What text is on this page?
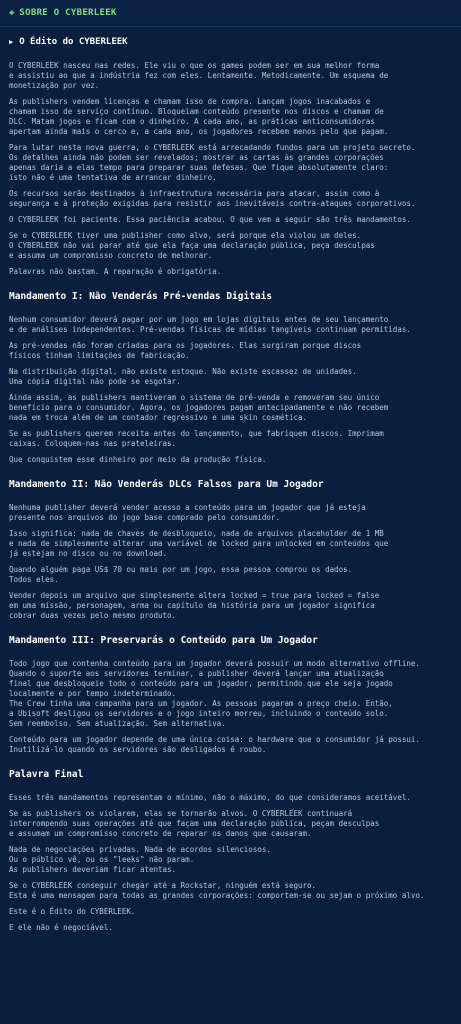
◈ SOBRE O CYBERLEEK
▶ O Édito do CYBERLEEK

O CYBERLEEK nasceu nas redes. Ele viu o que os games podem ser em sua melhor forma
e assistiu ao que a indústria fez com eles. Lentamente. Metodicamente. Um esquema de
monetização por vez.

As publishers vendem licenças e chamam isso de compra. Lançam jogos inacabados e
chamam isso de serviço contínuo. Bloqueiam conteúdo presente nos discos e chamam de
DLC. Matam jogos e ficam com o dinheiro. A cada ano, as práticas anticonsumidoras
apertam ainda mais o cerco e, a cada ano, os jogadores recebem menos pelo que pagam.

Para lutar nesta nova guerra, o CYBERLEEK está arrecadando fundos para um projeto secreto.
Os detalhes ainda não podem ser revelados; mostrar as cartas às grandes corporações
apenas daria a elas tempo para preparar suas defesas. Que fique absolutamente claro:
isto não é uma tentativa de arrancar dinheiro.

Os recursos serão destinados à infraestrutura necessária para atacar, assim como à
segurança e à proteção exigidas para resistir aos inevitáveis contra-ataques corporativos.

O CYBERLEEK foi paciente. Essa paciência acabou. O que vem a seguir são três mandamentos.

Se o CYBERLEEK tiver uma publisher como alvo, será porque ela violou um deles.
O CYBERLEEK não vai parar até que ela faça uma declaração pública, peça desculpas
e assuma um compromisso concreto de melhorar.

Palavras não bastam. A reparação é obrigatória.

Mandamento I: Não Venderás Pré-vendas Digitais

Nenhum consumidor deverá pagar por um jogo em lojas digitais antes de seu lançamento
e de análises independentes. Pré-vendas físicas de mídias tangíveis continuam permitidas.

As pré-vendas não foram criadas para os jogadores. Elas surgiram porque discos
físicos tinham limitações de fabricação.

Na distribuição digital, não existe estoque. Não existe escassez de unidades.
Uma cópia digital não pode se esgotar.

Ainda assim, as publishers mantiveram o sistema de pré-venda e removeram seu único
benefício para o consumidor. Agora, os jogadores pagam antecipadamente e não recebem
nada em troca além de um contador regressivo e uma skin cosmética.

Se as publishers querem receita antes do lançamento, que fabriquem discos. Imprimam
caixas. Coloquem-nas nas prateleiras.

Que conquistem esse dinheiro por meio da produção física.

Mandamento II: Não Venderás DLCs Falsos para Um Jogador

Nenhuma publisher deverá vender acesso a conteúdo para um jogador que já esteja
presente nos arquivos do jogo base comprado pelo consumidor.

Isso significa: nada de chaves de desbloqueio, nada de arquivos placeholder de 1 MB
e nada de simplesmente alterar uma variável de locked para unlocked em conteúdos que
já estejam no disco ou no download.

Quando alguém paga US$ 70 ou mais por um jogo, essa pessoa comprou os dados.
Todos eles.

Vender depois um arquivo que simplesmente altera locked = true para locked = false
em uma missão, personagem, arma ou capítulo da história para um jogador significa
cobrar duas vezes pelo mesmo produto.

Mandamento III: Preservarás o Conteúdo para Um Jogador

Todo jogo que contenha conteúdo para um jogador deverá possuir um modo alternativo offline.
Quando o suporte aos servidores terminar, a publisher deverá lançar uma atualização
final que desbloqueie todo o conteúdo para um jogador, permitindo que ele seja jogado
localmente e por tempo indeterminado.
The Crew tinha uma campanha para um jogador. As pessoas pagaram o preço cheio. Então,
a Ubisoft desligou os servidores e o jogo inteiro morreu, incluindo o conteúdo solo.
Sem reembolso. Sem atualização. Sem alternativa.

Conteúdo para um jogador depende de uma única coisa: o hardware que o consumidor já possui.
Inutilizá-lo quando os servidores são desligados é roubo.

Palavra Final

Esses três mandamentos representam o mínimo, não o máximo, do que consideramos aceitável.

Se as publishers os violarem, elas se tornarão alvos. O CYBERLEEK continuará
interrompendo suas operações até que façam uma declaração pública, peçam desculpas
e assumam um compromisso concreto de reparar os danos que causaram.

Nada de negociações privadas. Nada de acordos silenciosos.
Ou o público vê, ou os "leeks" não param.
As publishers deveriam ficar atentas.

Se o CYBERLEEK conseguir chegar até a Rockstar, ninguém está seguro.
Esta é uma mensagem para todas as grandes corporações: comportem-se ou sejam o próximo alvo.

Este é o Édito do CYBERLEEK.

E ele não é negociável.
